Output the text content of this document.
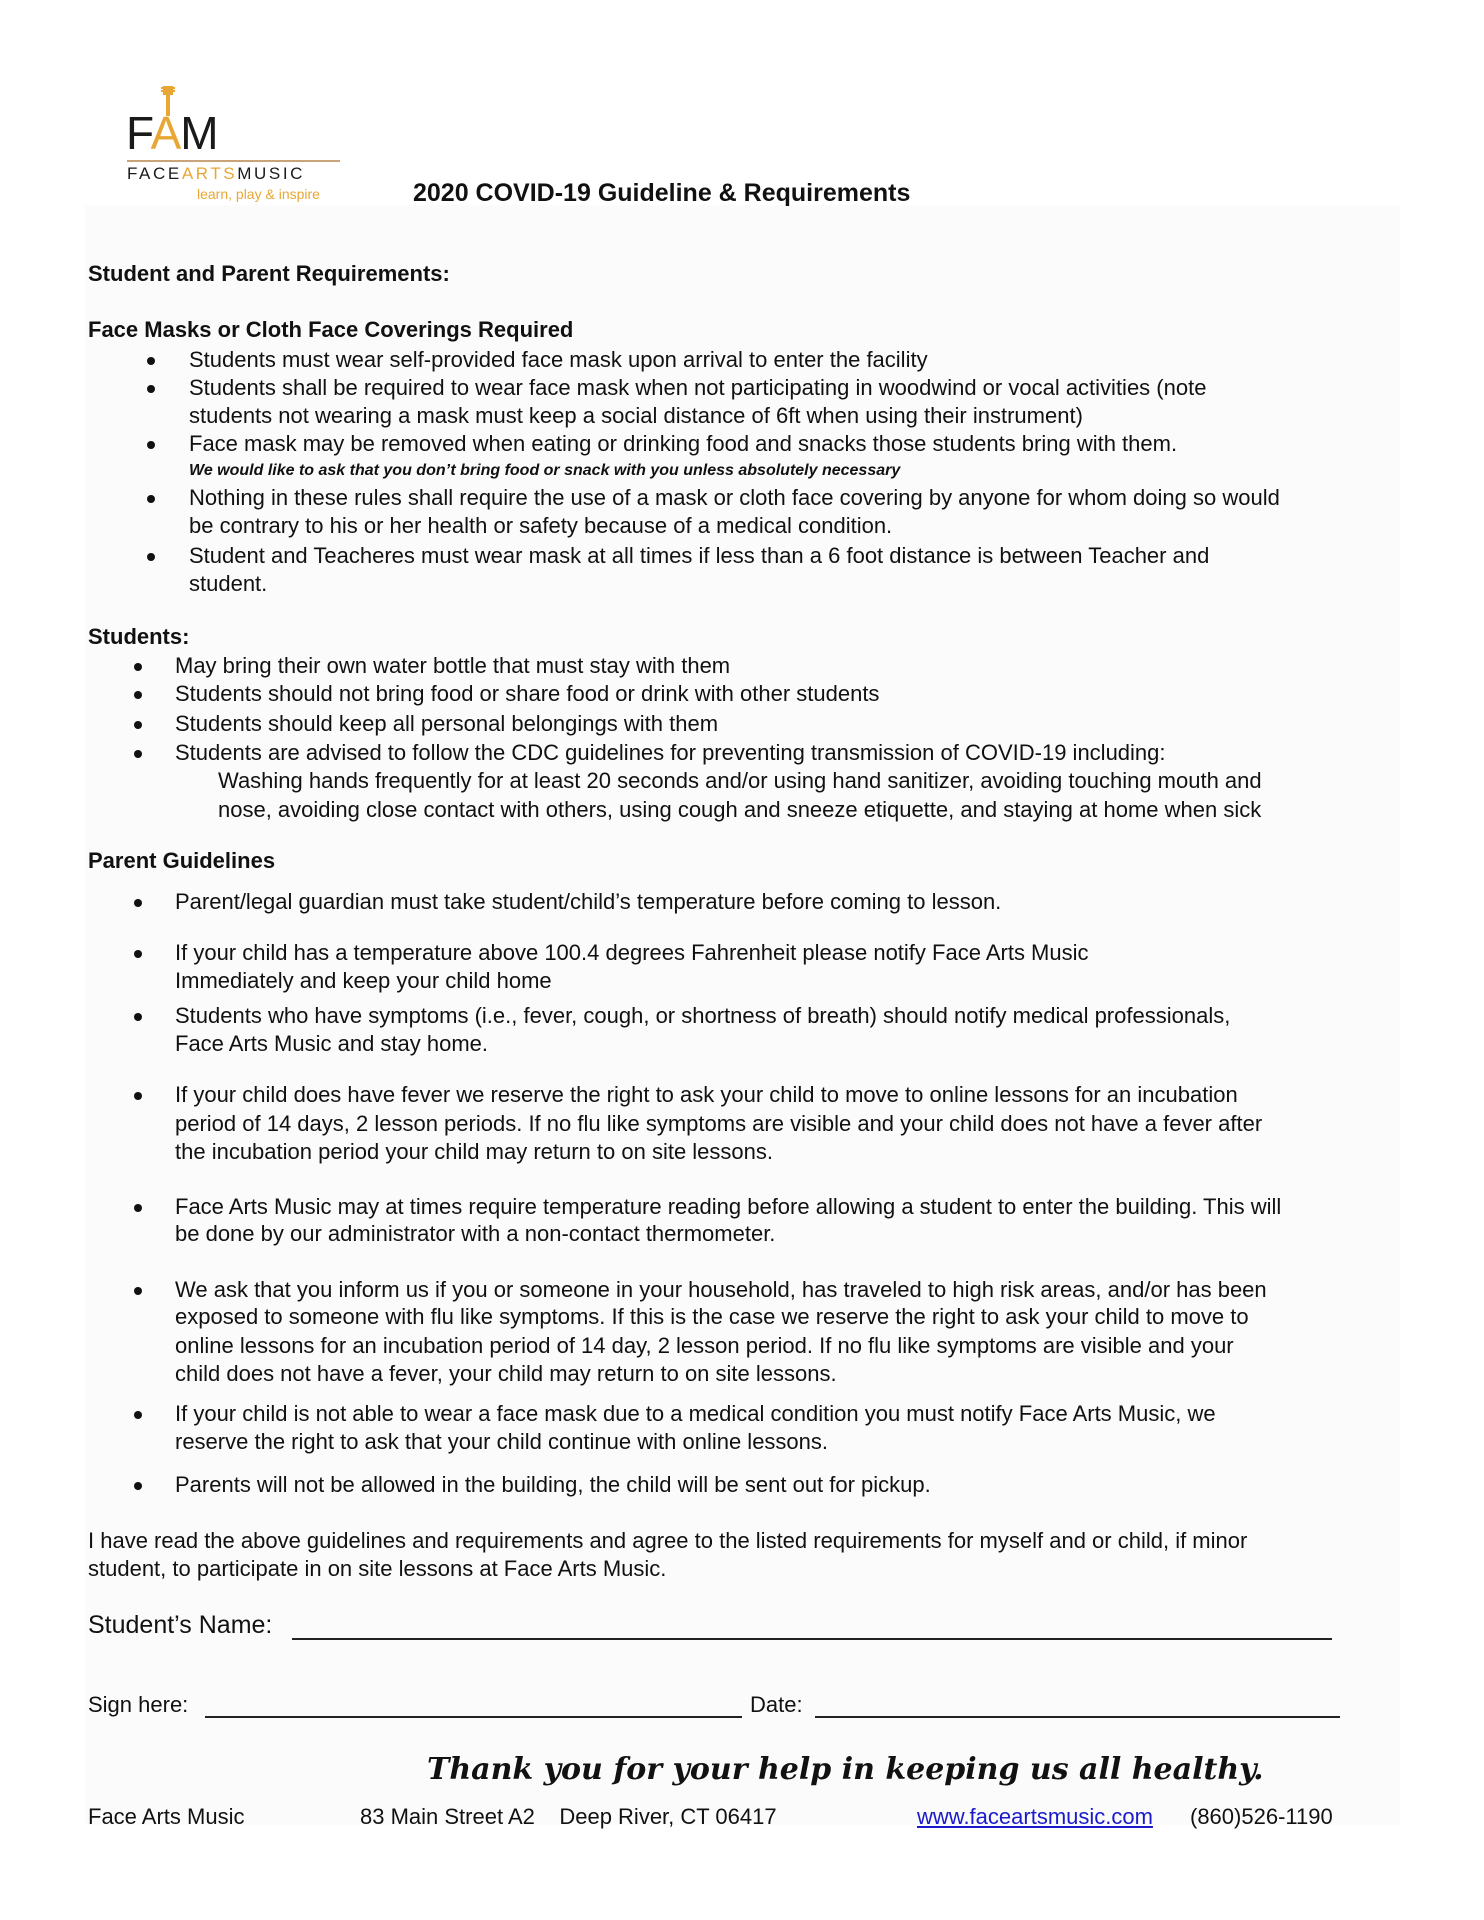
FAM
FACEARTSMUSIC
learn, play & inspire	2020 COVID-19 Guideline & Requirements
Student and Parent Requirements:
Face Masks or Cloth Face Coverings Required
Students must wear self-provided face mask upon arrival to enter the facility
Students shall be required to wear face mask when not participating in woodwind or vocal activities (note
students not wearing a mask must keep a social distance of 6ft when using their instrument)
Face mask may be removed when eating or drinking food and snacks those students bring with them.
We would like to ask that you don’t bring food or snack with you unless absolutely necessary
Nothing in these rules shall require the use of a mask or cloth face covering by anyone for whom doing so would
be contrary to his or her health or safety because of a medical condition.
Student and Teacheres must wear mask at all times if less than a 6 foot distance is between Teacher and
student.
Students:
May bring their own water bottle that must stay with them
Students should not bring food or share food or drink with other students
Students should keep all personal belongings with them
Students are advised to follow the CDC guidelines for preventing transmission of COVID-19 including:
Washing hands frequently for at least 20 seconds and/or using hand sanitizer, avoiding touching mouth and
nose, avoiding close contact with others, using cough and sneeze etiquette, and staying at home when sick
Parent Guidelines
Parent/legal guardian must take student/child’s temperature before coming to lesson.
If your child has a temperature above 100.4 degrees Fahrenheit please notify Face Arts Music
Immediately and keep your child home
Students who have symptoms (i.e., fever, cough, or shortness of breath) should notify medical professionals,
Face Arts Music and stay home.
If your child does have fever we reserve the right to ask your child to move to online lessons for an incubation
period of 14 days, 2 lesson periods. If no flu like symptoms are visible and your child does not have a fever after
the incubation period your child may return to on site lessons.
Face Arts Music may at times require temperature reading before allowing a student to enter the building. This will
be done by our administrator with a non-contact thermometer.
We ask that you inform us if you or someone in your household, has traveled to high risk areas, and/or has been
exposed to someone with flu like symptoms. If this is the case we reserve the right to ask your child to move to
online lessons for an incubation period of 14 day, 2 lesson period. If no flu like symptoms are visible and your
child does not have a fever, your child may return to on site lessons.
If your child is not able to wear a face mask due to a medical condition you must notify Face Arts Music, we
reserve the right to ask that your child continue with online lessons.
Parents will not be allowed in the building, the child will be sent out for pickup.
I have read the above guidelines and requirements and agree to the listed requirements for myself and or child, if minor
student, to participate in on site lessons at Face Arts Music.
Student’s Name:
Sign here:	Date:
Thank you for your help in keeping us all healthy.
Face Arts Music	83 Main Street A2    Deep River, CT 06417	www.faceartsmusic.com (860)526-1190
